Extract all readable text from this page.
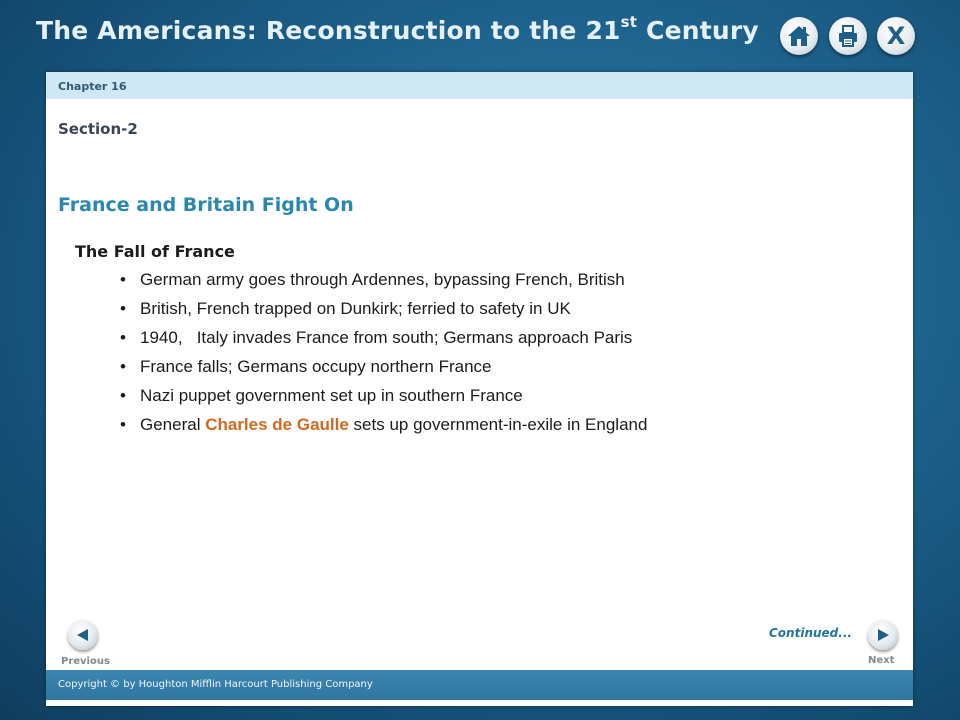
The Americans: Reconstruction to the 21st Century	X
Chapter 16
Section-2
France and Britain Fight On
The Fall of France
• German army goes through Ardennes, bypassing French, British
• British, French trapped on Dunkirk; ferried to safety in UK
• 1940,   Italy invades France from south; Germans approach Paris
• France falls; Germans occupy northern France
• Nazi puppet government set up in southern France
• General Charles de Gaulle sets up government-in-exile in England
Previous
Continued...
Next
Copyright © by Houghton Mifflin Harcourt Publishing Company
